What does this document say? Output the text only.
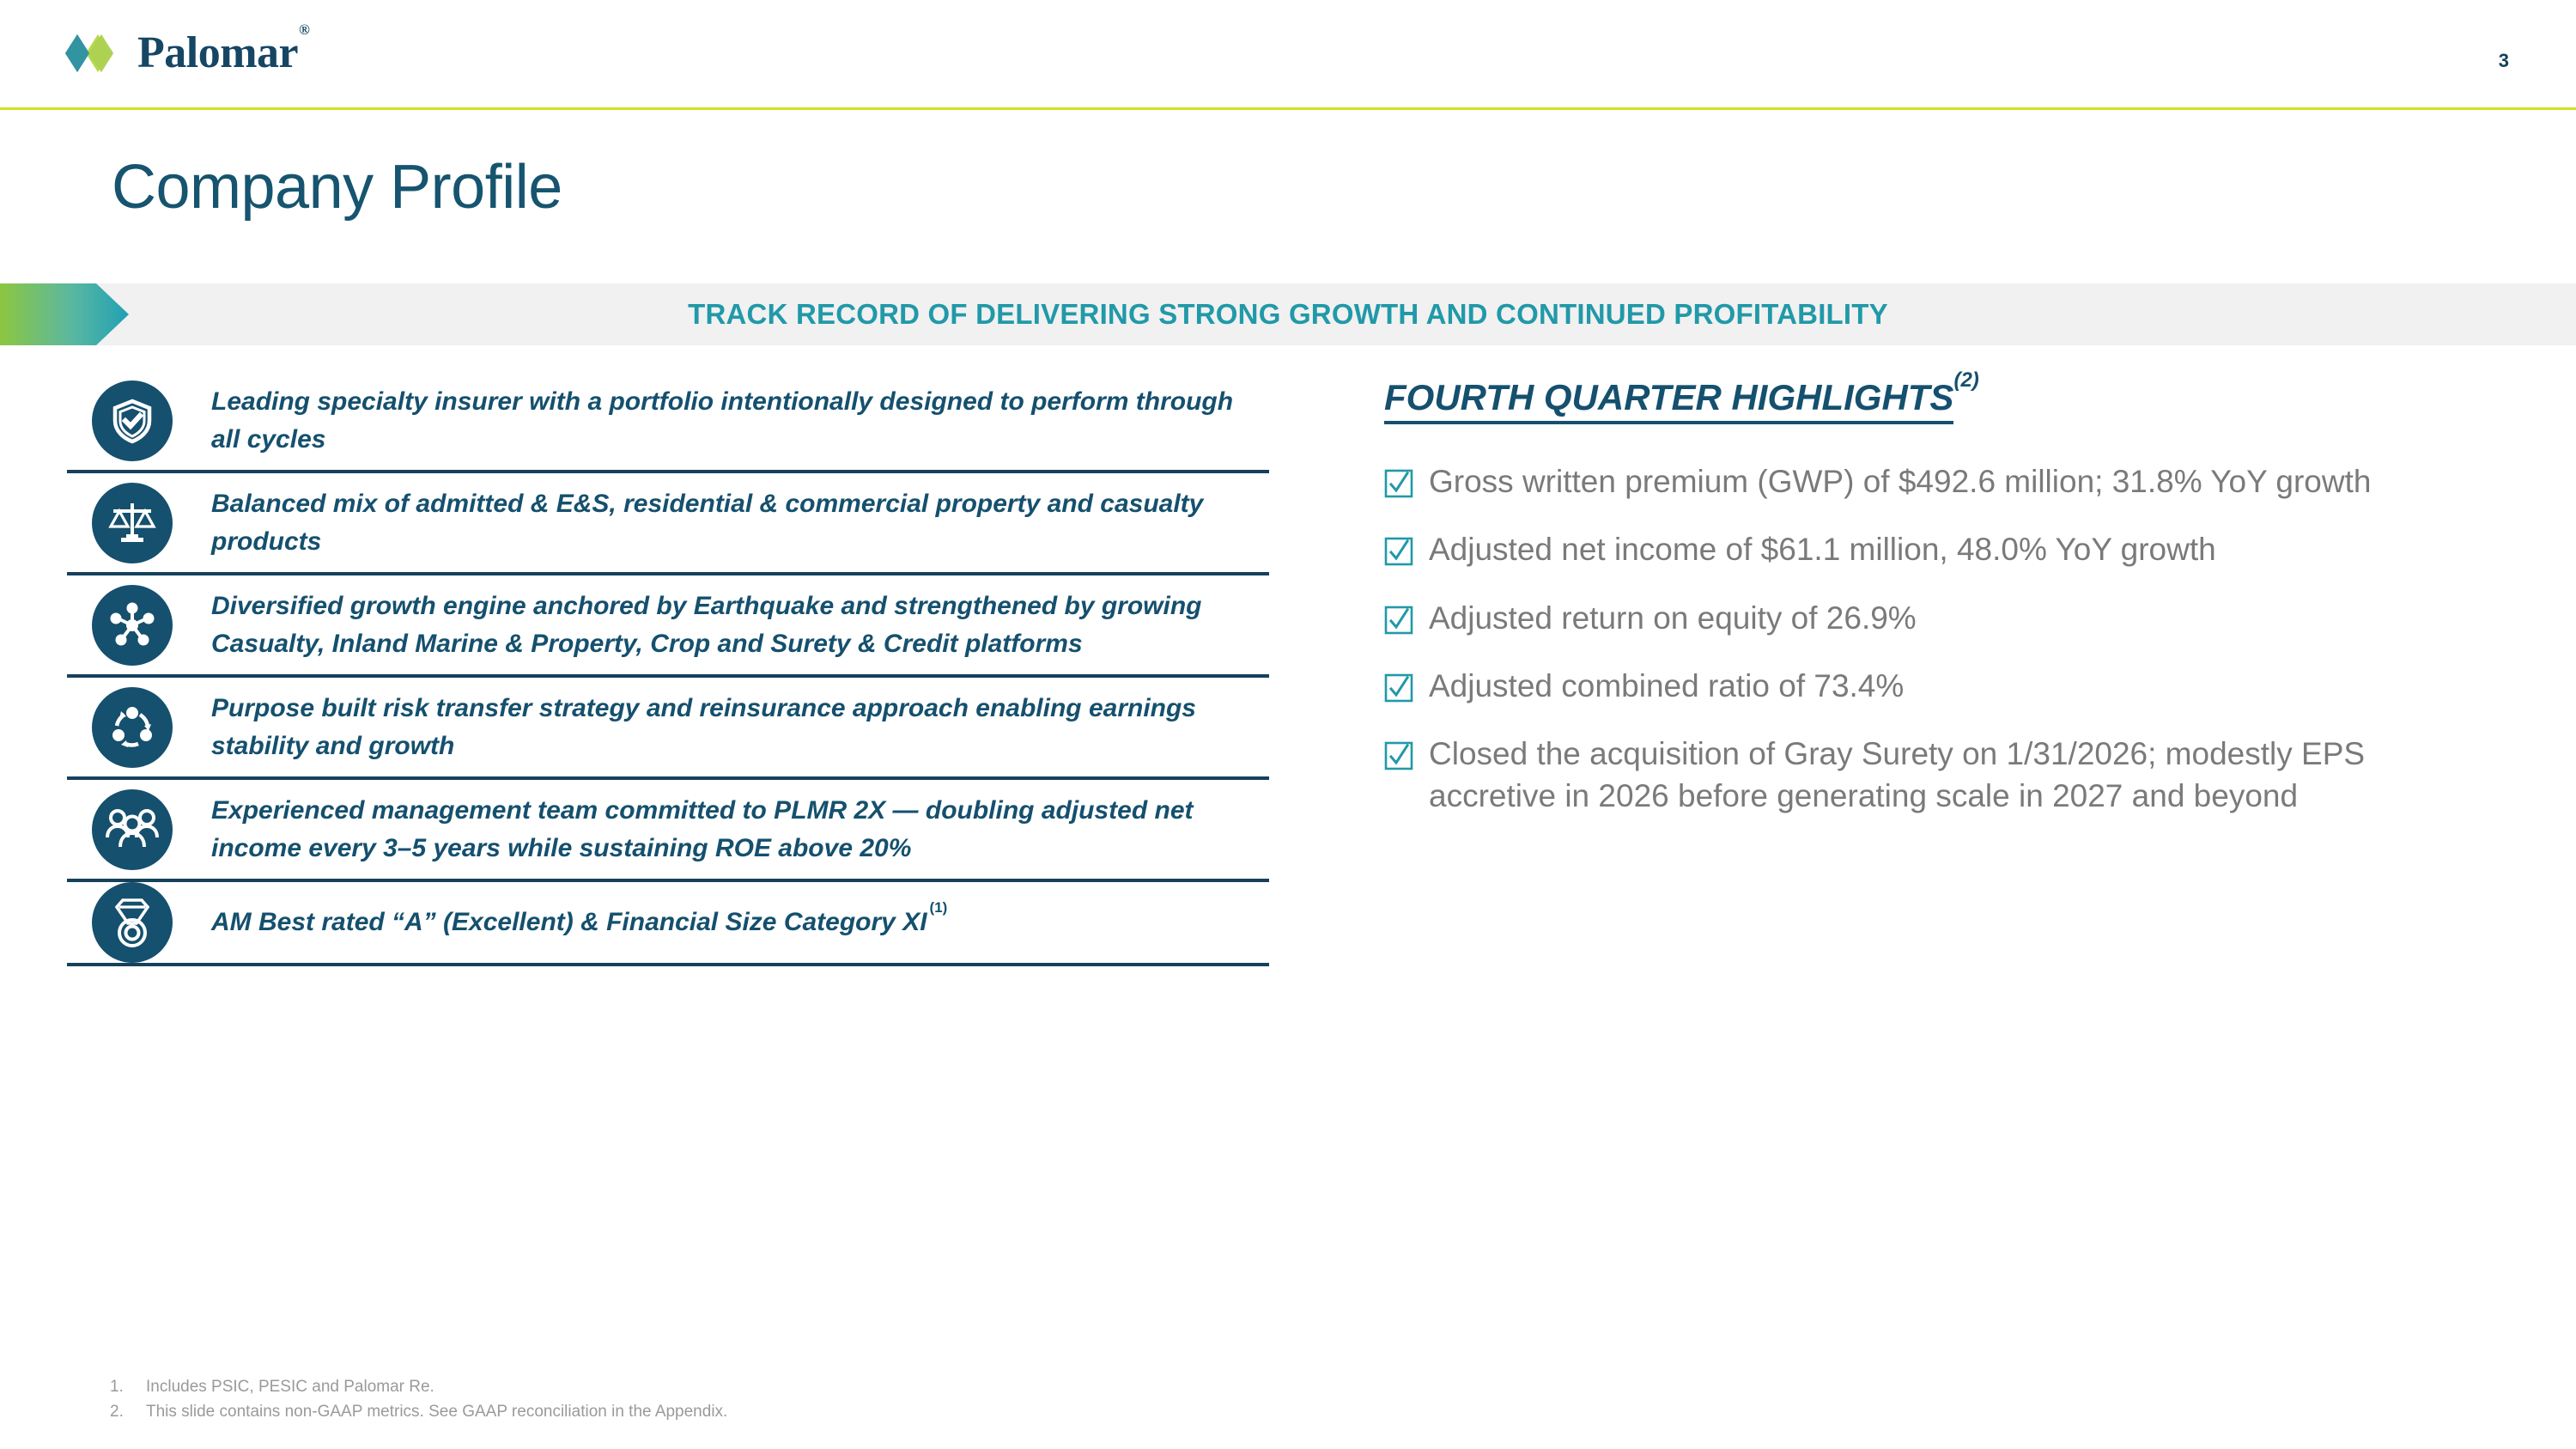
Palomar®
3
Company Profile
TRACK RECORD OF DELIVERING STRONG GROWTH AND CONTINUED PROFITABILITY
Leading specialty insurer with a portfolio intentionally designed to perform through all cycles
Balanced mix of admitted & E&S, residential & commercial property and casualty products
Diversified growth engine anchored by Earthquake and strengthened by growing Casualty, Inland Marine & Property, Crop and Surety & Credit platforms
Purpose built risk transfer strategy and reinsurance approach enabling earnings stability and growth
Experienced management team committed to PLMR 2X — doubling adjusted net income every 3–5 years while sustaining ROE above 20%
AM Best rated “A” (Excellent) & Financial Size Category XI$^{(1)}$
FOURTH QUARTER HIGHLIGHTS$^{(2)}$
Gross written premium (GWP) of $492.6 million; 31.8% YoY growth
Adjusted net income of $61.1 million, 48.0% YoY growth
Adjusted return on equity of 26.9%
Adjusted combined ratio of 73.4%
Closed the acquisition of Gray Surety on 1/31/2026; modestly EPS accretive in 2026 before generating scale in 2027 and beyond
1.	Includes PSIC, PESIC and Palomar Re.
2.	This slide contains non-GAAP metrics. See GAAP reconciliation in the Appendix.
